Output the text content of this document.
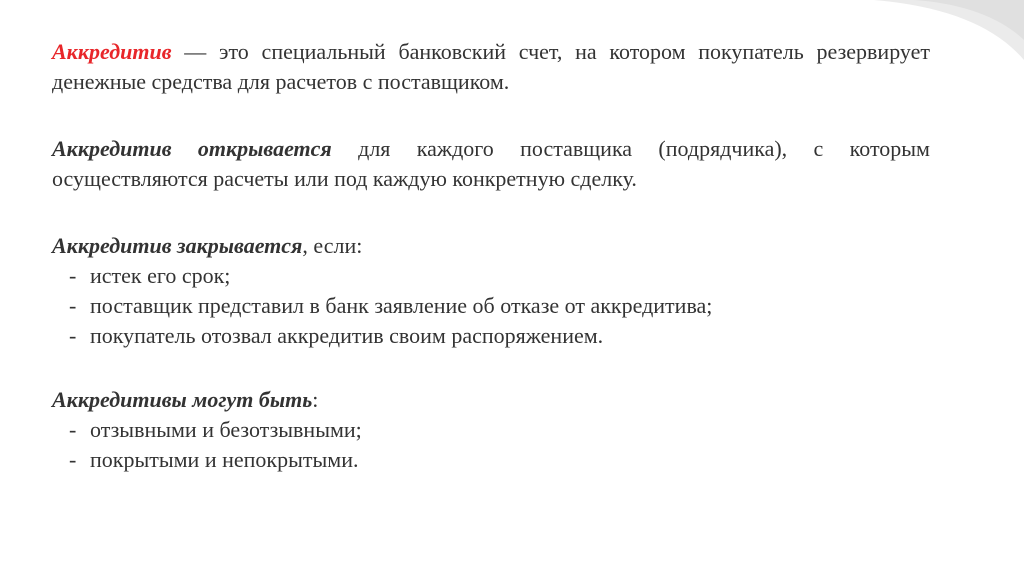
Аккредитив — это специальный банковский счет, на котором покупатель резервирует денежные средства для расчетов с поставщиком.

Аккредитив открывается для каждого поставщика (подрядчика), с которым осуществляются расчеты или под каждую конкретную сделку.

Аккредитив закрывается, если:

- истек его срок;
- поставщик представил в банк заявление об отказе от аккредитива;
- покупатель отозвал аккредитив своим распоряжением.

Аккредитивы могут быть:

- отзывными и безотзывными;
- покрытыми и непокрытыми.
